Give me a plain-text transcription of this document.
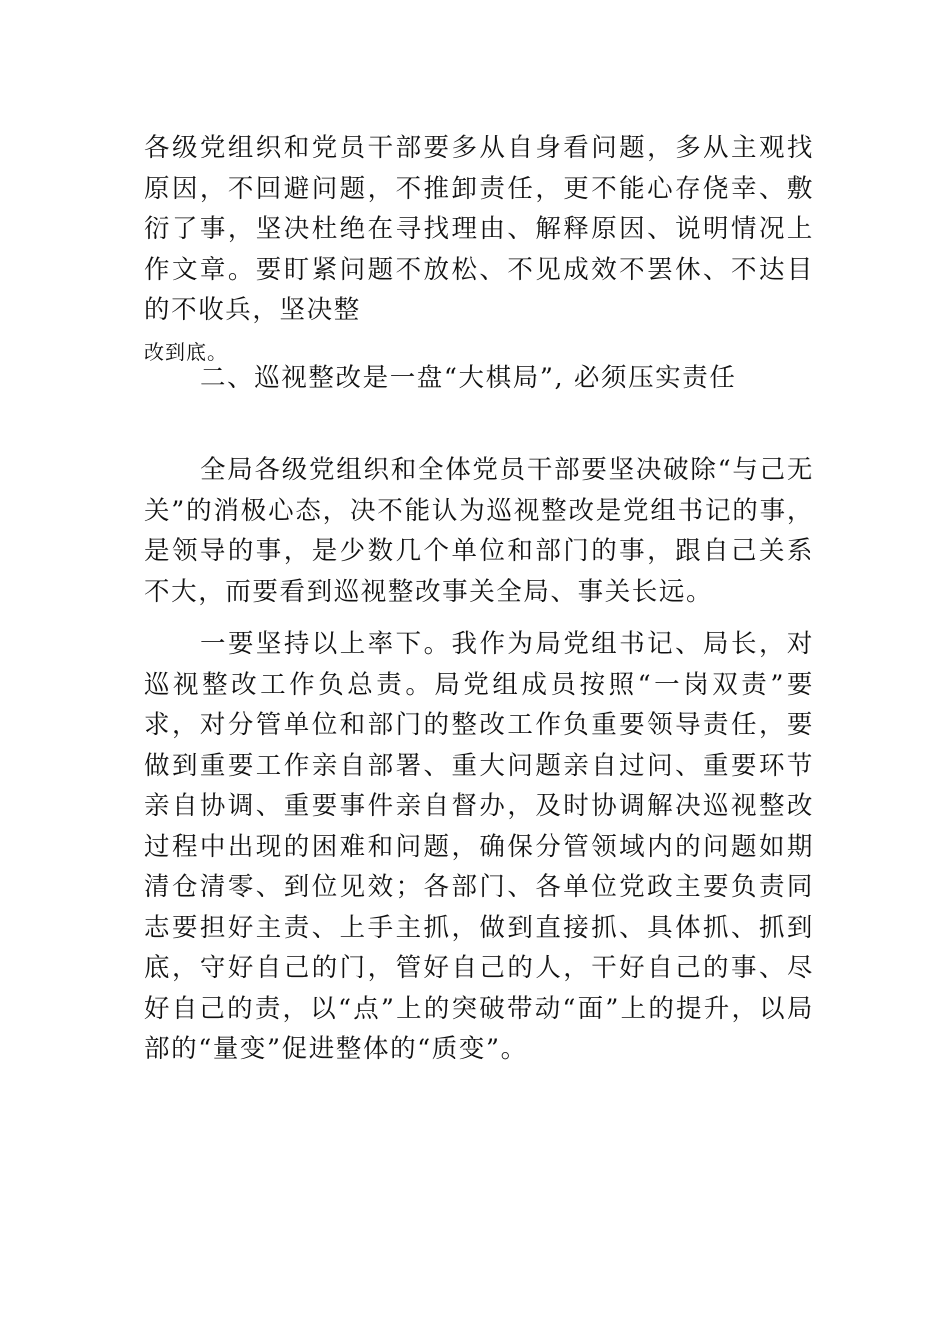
各级党组织和党员干部要多从自身看问题，多从主观找原因，不回避问题，不推卸责任，更不能心存侥幸、敷衍了事，坚决杜绝在寻找理由、解释原因、说明情况上作文章。要盯紧问题不放松、不见成效不罢休、不达目的不收兵，坚决整
改到底。

二、巡视整改是一盘“大棋局”, 必须压实责任

全局各级党组织和全体党员干部要坚决破除“与己无关”的消极心态，决不能认为巡视整改是党组书记的事，是领导的事，是少数几个单位和部门的事，跟自己关系不大，而要看到巡视整改事关全局、事关长远。

一要坚持以上率下。我作为局党组书记、局长，对巡视整改工作负总责。局党组成员按照“一岗双责”要求，对分管单位和部门的整改工作负重要领导责任，要做到重要工作亲自部署、重大问题亲自过问、重要环节亲自协调、重要事件亲自督办，及时协调解决巡视整改过程中出现的困难和问题，确保分管领域内的问题如期清仓清零、到位见效；各部门、各单位党政主要负责同志要担好主责、上手主抓，做到直接抓、具体抓、抓到底，守好自己的门，管好自己的人，干好自己的事、尽好自己的责，以“点”上的突破带动“面”上的提升，以局部的“量变”促进整体的“质变”。
